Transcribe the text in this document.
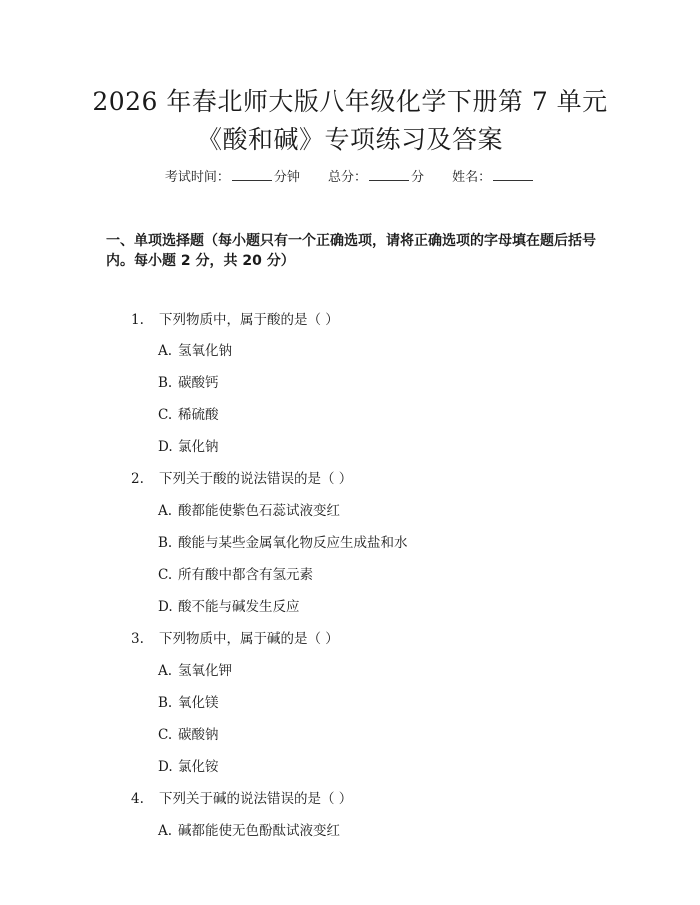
2026 年春北师大版八年级化学下册第 7 单元
《酸和碱》专项练习及答案
考试时间：	分钟 总分：	分 姓名：
一、单项选择题（每小题只有一个正确选项，请将正确选项的字母填在题后括号内。每小题 2 分，共 20 分）
1. 下列物质中，属于酸的是（ ）
A. 氢氧化钠
B. 碳酸钙
C. 稀硫酸
D. 氯化钠
2. 下列关于酸的说法错误的是（ ）
A. 酸都能使紫色石蕊试液变红
B. 酸能与某些金属氧化物反应生成盐和水
C. 所有酸中都含有氢元素
D. 酸不能与碱发生反应
3. 下列物质中，属于碱的是（ ）
A. 氢氧化钾
B. 氧化镁
C. 碳酸钠
D. 氯化铵
4. 下列关于碱的说法错误的是（ ）
A. 碱都能使无色酚酞试液变红
